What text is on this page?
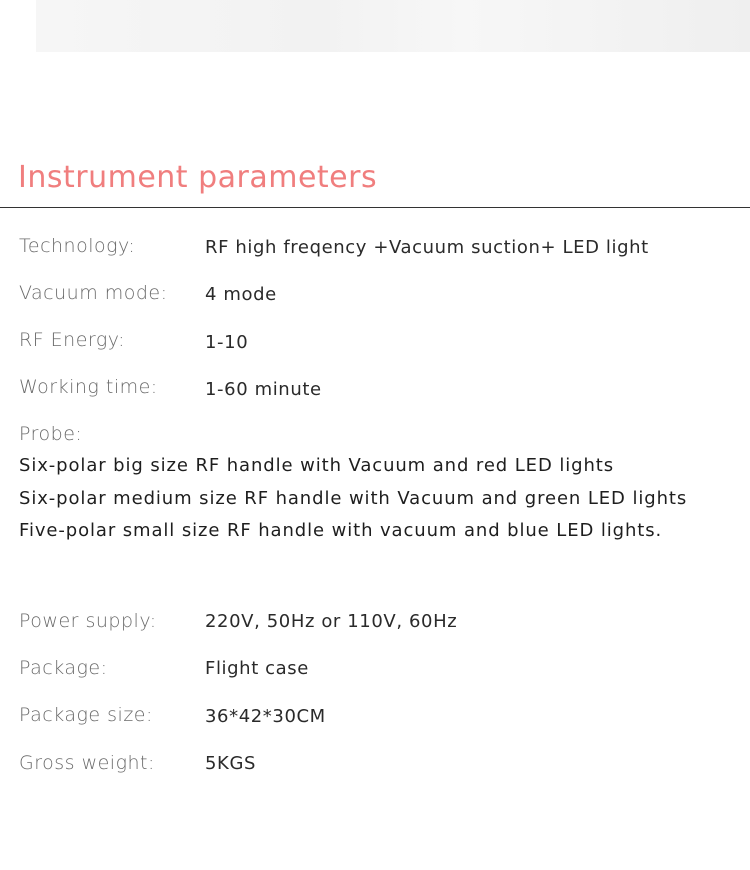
Instrument parameters
Technology:	RF high freqency +Vacuum suction+ LED light
Vacuum mode: 4 mode
RF Energy:	1-10
Working time:	1-60 minute
Probe:
Six-polar big size RF handle with Vacuum and red LED lights
Six-polar medium size RF handle with Vacuum and green LED lights
Five-polar small size RF handle with vacuum and blue LED lights.
Power supply:	220V, 50Hz or 110V, 60Hz
Package:	Flight case
Package size:	36*42*30CM
Gross weight:	5KGS
